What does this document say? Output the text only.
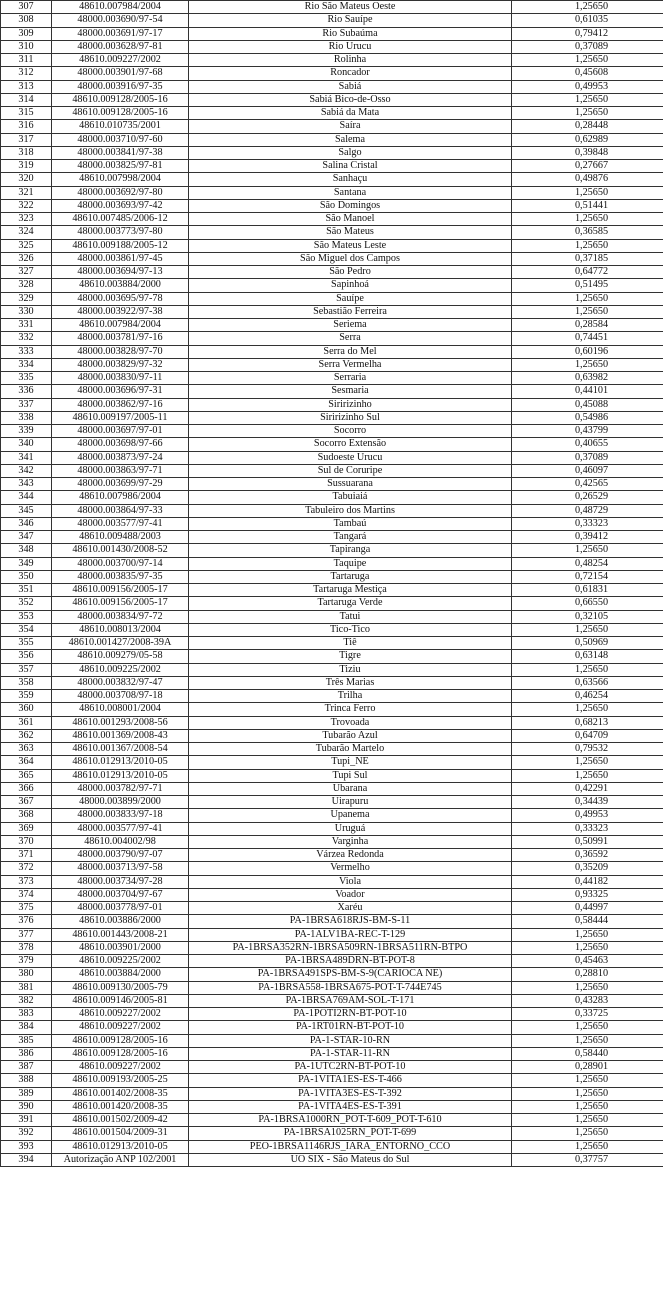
307	48610.007984/2004	Rio São Mateus Oeste	1,25650
308	48000.003690/97-54	Rio Sauípe	0,61035
309	48000.003691/97-17	Rio Subaúma	0,79412
310	48000.003628/97-81	Rio Urucu	0,37089
311	48610.009227/2002	Rolinha	1,25650
312	48000.003901/97-68	Roncador	0,45608
313	48000.003916/97-35	Sabiá	0,49953
314	48610.009128/2005-16	Sabiá Bico-de-Osso	1,25650
315	48610.009128/2005-16	Sabiá da Mata	1,25650
316	48610.010735/2001	Saíra	0,28448
317	48000.003710/97-60	Salema	0,62989
318	48000.003841/97-38	Salgo	0,39848
319	48000.003825/97-81	Salina Cristal	0,27667
320	48610.007998/2004	Sanhaçu	0,49876
321	48000.003692/97-80	Santana	1,25650
322	48000.003693/97-42	São Domingos	0,51441
323	48610.007485/2006-12	São Manoel	1,25650
324	48000.003773/97-80	São Mateus	0,36585
325	48610.009188/2005-12	São Mateus Leste	1,25650
326	48000.003861/97-45	São Miguel dos Campos	0,37185
327	48000.003694/97-13	São Pedro	0,64772
328	48610.003884/2000	Sapinhoá	0,51495
329	48000.003695/97-78	Sauípe	1,25650
330	48000.003922/97-38	Sebastião Ferreira	1,25650
331	48610.007984/2004	Seriema	0,28584
332	48000.003781/97-16	Serra	0,74451
333	48000.003828/97-70	Serra do Mel	0,60196
334	48000.003829/97-32	Serra Vermelha	1,25650
335	48000.003830/97-11	Serraria	0,63982
336	48000.003696/97-31	Sesmaria	0,44101
337	48000.003862/97-16	Siririzinho	0,45088
338	48610.009197/2005-11	Siririzinho Sul	0,54986
339	48000.003697/97-01	Socorro	0,43799
340	48000.003698/97-66	Socorro Extensão	0,40655
341	48000.003873/97-24	Sudoeste Urucu	0,37089
342	48000.003863/97-71	Sul de Coruripe	0,46097
343	48000.003699/97-29	Sussuarana	0,42565
344	48610.007986/2004	Tabuiaiá	0,26529
345	48000.003864/97-33	Tabuleiro dos Martins	0,48729
346	48000.003577/97-41	Tambaú	0,33323
347	48610.009488/2003	Tangará	0,39412
348	48610.001430/2008-52	Tapiranga	1,25650
349	48000.003700/97-14	Taquipe	0,48254
350	48000.003835/97-35	Tartaruga	0,72154
351	48610.009156/2005-17	Tartaruga Mestiça	0,61831
352	48610.009156/2005-17	Tartaruga Verde	0,66550
353	48000.003834/97-72	Tatui	0,32105
354	48610.008013/2004	Tico-Tico	1,25650
355	48610.001427/2008-39A	Tiê	0,50969
356	48610.009279/05-58	Tigre	0,63148
357	48610.009225/2002	Tiziu	1,25650
358	48000.003832/97-47	Três Marias	0,63566
359	48000.003708/97-18	Trilha	0,46254
360	48610.008001/2004	Trinca Ferro	1,25650
361	48610.001293/2008-56	Trovoada	0,68213
362	48610.001369/2008-43	Tubarão Azul	0,64709
363	48610.001367/2008-54	Tubarão Martelo	0,79532
364	48610.012913/2010-05	Tupi_NE	1,25650
365	48610.012913/2010-05	Tupi Sul	1,25650
366	48000.003782/97-71	Ubarana	0,42291
367	48000.003899/2000	Uirapuru	0,34439
368	48000.003833/97-18	Upanema	0,49953
369	48000.003577/97-41	Uruguá	0,33323
370	48610.004002/98	Varginha	0,50991
371	48000.003790/97-07	Várzea Redonda	0,36592
372	48000.003713/97-58	Vermelho	0,35209
373	48000.003734/97-28	Viola	0,44182
374	48000.003704/97-67	Voador	0,93325
375	48000.003778/97-01	Xaréu	0,44997
376	48610.003886/2000	PA-1BRSA618RJS-BM-S-11	0,58444
377	48610.001443/2008-21	PA-1ALV1BA-REC-T-129	1,25650
378	48610.003901/2000	PA-1BRSA352RN-1BRSA509RN-1BRSA511RN-BTPO	1,25650
379	48610.009225/2002	PA-1BRSA489DRN-BT-POT-8	0,45463
380	48610.003884/2000	PA-1BRSA491SPS-BM-S-9(CARIOCA NE)	0,28810
381	48610.009130/2005-79	PA-1BRSA558-1BRSA675-POT-T-744E745	1,25650
382	48610.009146/2005-81	PA-1BRSA769AM-SOL-T-171	0,43283
383	48610.009227/2002	PA-1POTI2RN-BT-POT-10	0,33725
384	48610.009227/2002	PA-1RT01RN-BT-POT-10	1,25650
385	48610.009128/2005-16	PA-1-STAR-10-RN	1,25650
386	48610.009128/2005-16	PA-1-STAR-11-RN	0,58440
387	48610.009227/2002	PA-1UTC2RN-BT-POT-10	0,28901
388	48610.009193/2005-25	PA-1VITA1ES-ES-T-466	1,25650
389	48610.001402/2008-35	PA-1VITA3ES-ES-T-392	1,25650
390	48610.001420/2008-35	PA-1VITA4ES-ES-T-391	1,25650
391	48610.001502/2009-42	PA-1BRSA1000RN_POT-T-609_POT-T-610	1,25650
392	48610.001504/2009-31	PA-1BRSA1025RN_POT-T-699	1,25650
393	48610.012913/2010-05	PEO-1BRSA1146RJS_IARA_ENTORNO_CCO	1,25650
394	Autorização ANP 102/2001	UO SIX - São Mateus do Sul	0,37757
